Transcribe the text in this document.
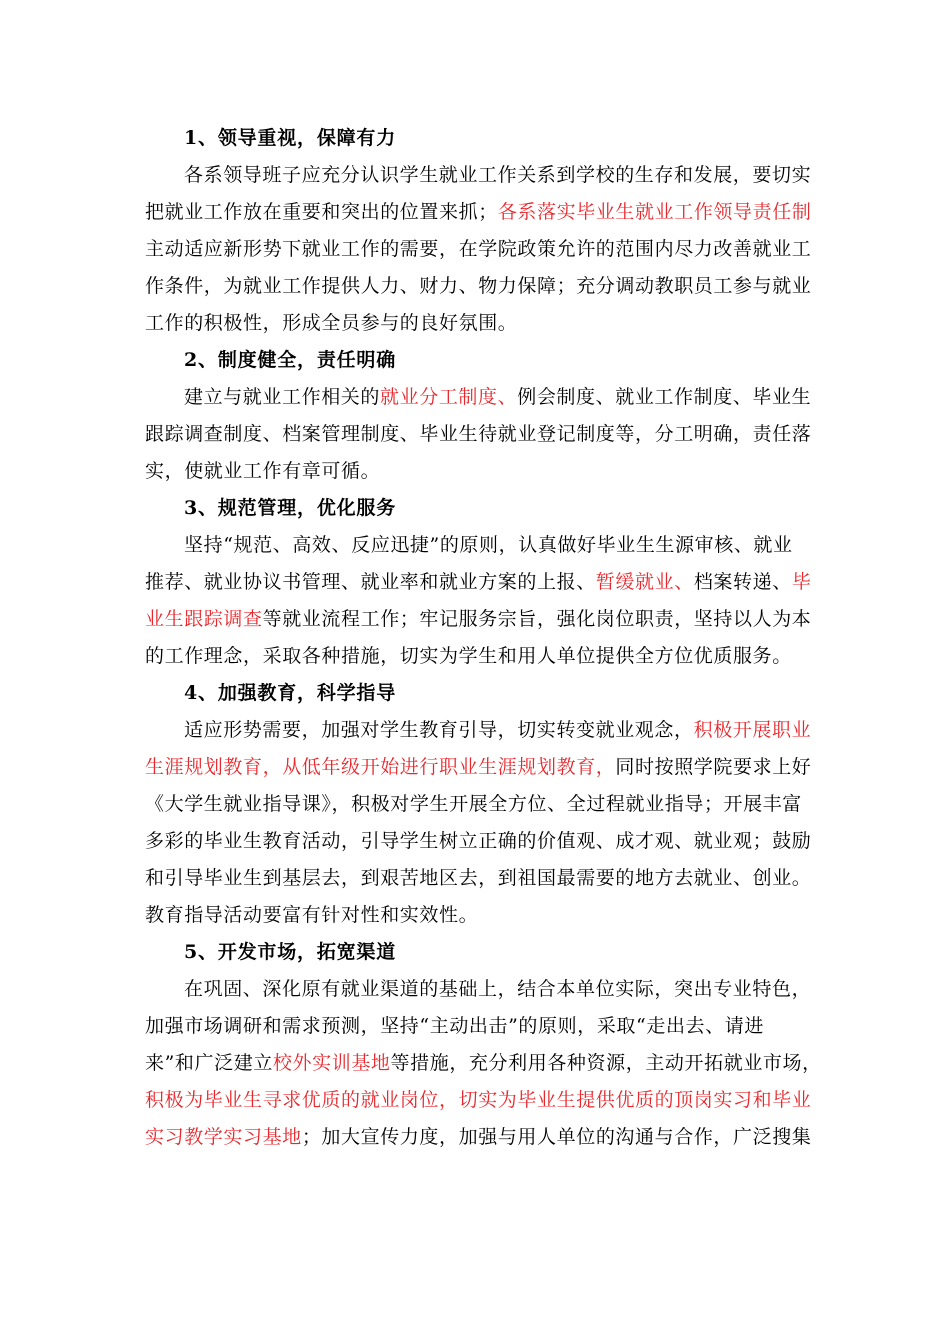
1、领导重视，保障有力
各系领导班子应充分认识学生就业工作关系到学校的生存和发展，要切实
把就业工作放在重要和突出的位置来抓；各系落实毕业生就业工作领导责任制
主动适应新形势下就业工作的需要，在学院政策允许的范围内尽力改善就业工
作条件，为就业工作提供人力、财力、物力保障；充分调动教职员工参与就业
工作的积极性，形成全员参与的良好氛围。
2、制度健全，责任明确
建立与就业工作相关的就业分工制度、例会制度、就业工作制度、毕业生
跟踪调查制度、档案管理制度、毕业生待就业登记制度等，分工明确，责任落
实，使就业工作有章可循。
3、规范管理，优化服务
坚持“规范、高效、反应迅捷”的原则，认真做好毕业生生源审核、就业
推荐、就业协议书管理、就业率和就业方案的上报、暂缓就业、档案转递、毕
业生跟踪调查等就业流程工作；牢记服务宗旨，强化岗位职责，坚持以人为本
的工作理念，采取各种措施，切实为学生和用人单位提供全方位优质服务。
4、加强教育，科学指导
适应形势需要，加强对学生教育引导，切实转变就业观念，积极开展职业
生涯规划教育，从低年级开始进行职业生涯规划教育，同时按照学院要求上好
《大学生就业指导课》，积极对学生开展全方位、全过程就业指导；开展丰富
多彩的毕业生教育活动，引导学生树立正确的价值观、成才观、就业观；鼓励
和引导毕业生到基层去，到艰苦地区去，到祖国最需要的地方去就业、创业。
教育指导活动要富有针对性和实效性。
5、开发市场，拓宽渠道
在巩固、深化原有就业渠道的基础上，结合本单位实际，突出专业特色，
加强市场调研和需求预测，坚持“主动出击”的原则，采取“走出去、请进
来”和广泛建立校外实训基地等措施，充分利用各种资源，主动开拓就业市场，
积极为毕业生寻求优质的就业岗位，切实为毕业生提供优质的顶岗实习和毕业
实习教学实习基地；加大宣传力度，加强与用人单位的沟通与合作，广泛搜集
